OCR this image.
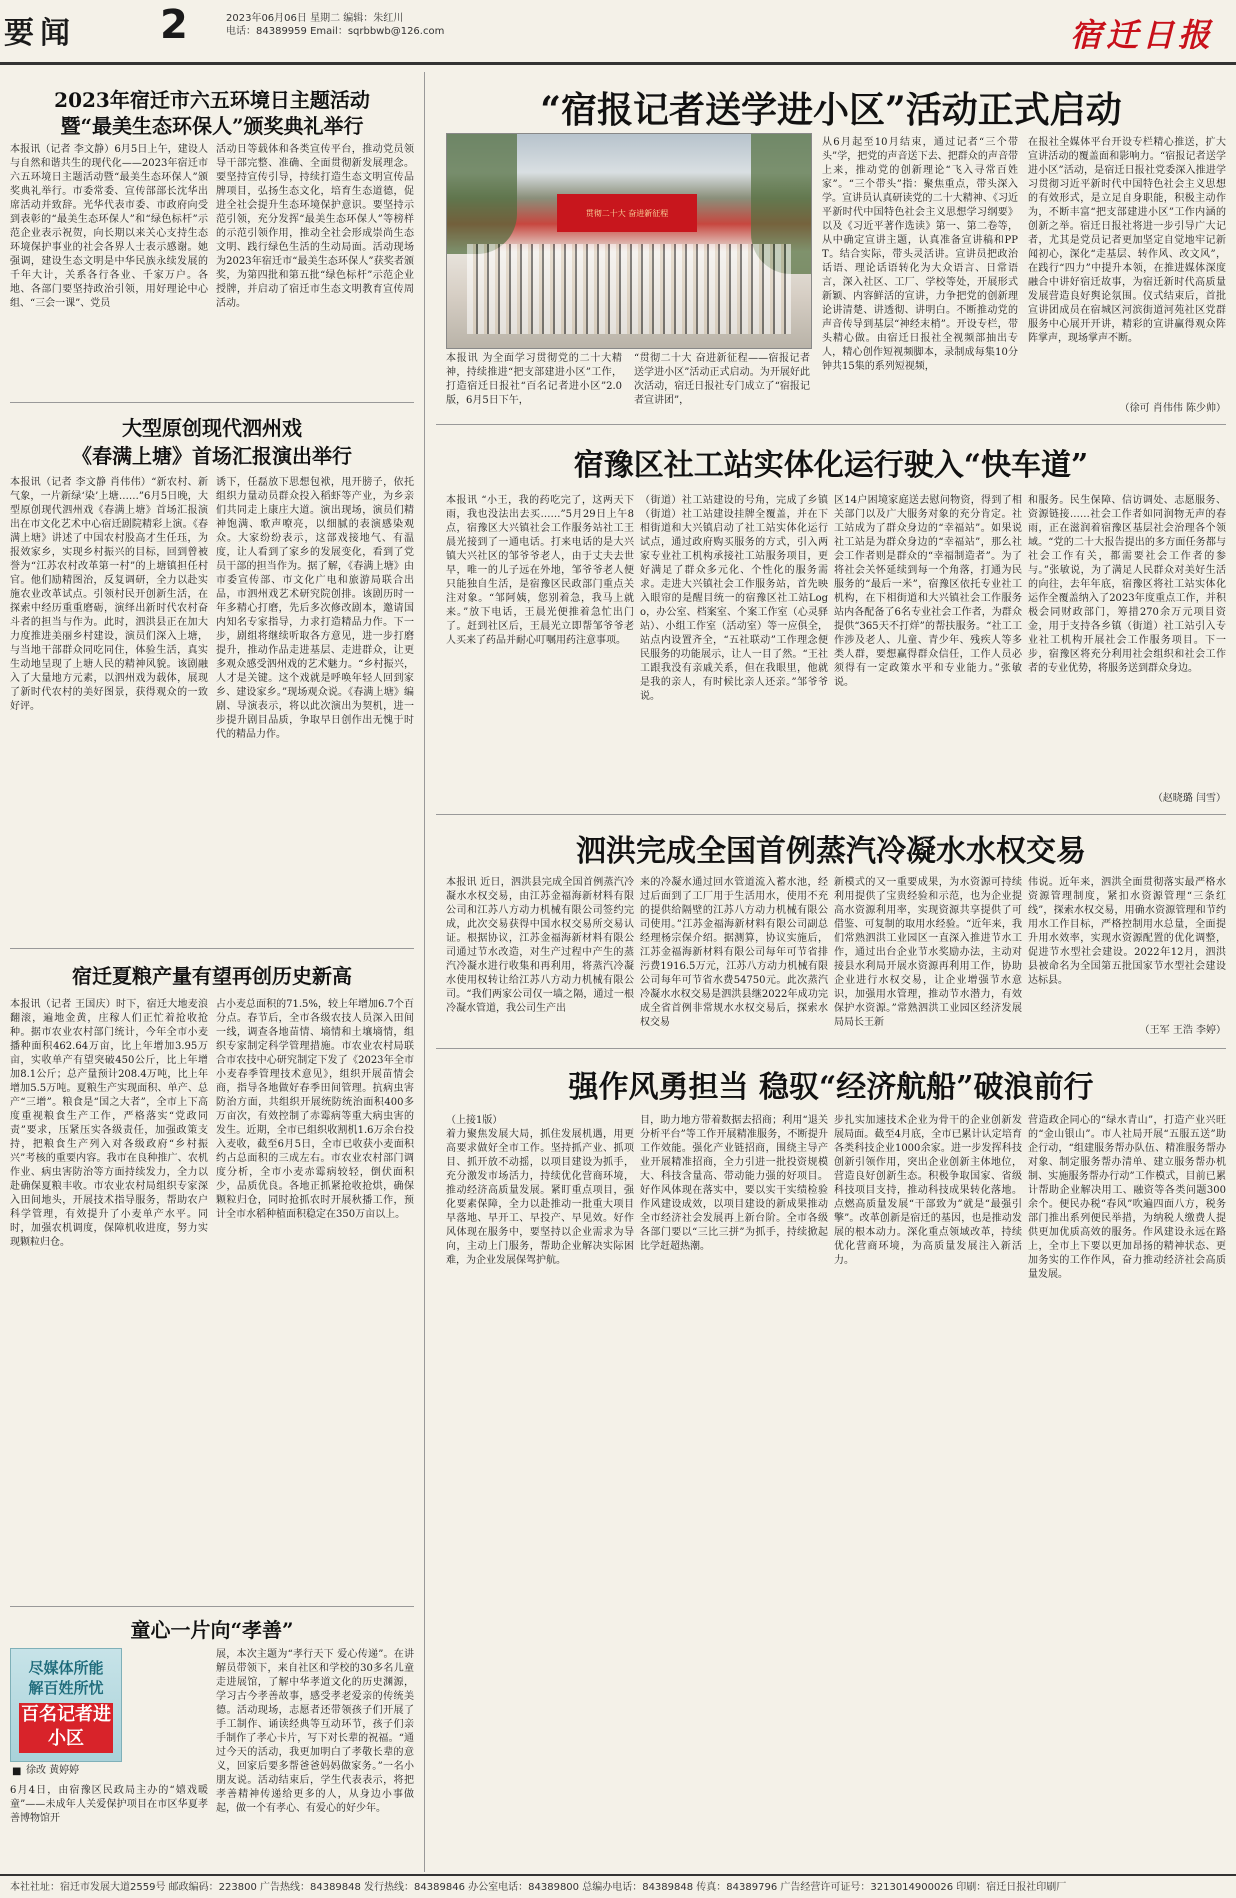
要闻 2	2023年06月06日 星期二 编辑：朱红川
电话：84389959 Email：sqrbbwb@126.com	宿迁日报
2023年宿迁市六五环境日主题活动
暨“最美生态环保人”颁奖典礼举行
本报讯（记者 李文静）6月5日上午，建设人与自然和谐共生的现代化——2023年宿迁市六五环境日主题活动暨“最美生态环保人”颁奖典礼举行。市委常委、宣传部部长沈华出席活动并致辞。光华代表市委、市政府向受到表彰的“最美生态环保人”和“绿色标杆”示范企业表示祝贺，向长期以来关心支持生态环境保护事业的社会各界人士表示感谢。她强调，建设生态文明是中华民族永续发展的千年大计，关系各行各业、千家万户。各地、各部门要坚持政治引领，用好理论中心组、“三会一课”、党员
活动日等载体和各类宣传平台，推动党员领导干部完整、准确、全面贯彻新发展理念。要坚持宣传引导，持续打造生态文明宣传品牌项目，弘扬生态文化，培育生态道德，促进全社会提升生态环境保护意识。要坚持示范引领，充分发挥“最美生态环保人”等榜样的示范引领作用，推动全社会形成崇尚生态文明、践行绿色生活的生动局面。活动现场为2023年宿迁市“最美生态环保人”获奖者颁奖，为第四批和第五批“绿色标杆”示范企业授牌，并启动了宿迁市生态文明教育宣传周活动。
大型原创现代泗州戏
《春满上塘》首场汇报演出举行
本报讯（记者 李文静 肖伟伟）“新农村、新气象，一片新绿‘染’上塘……”6月5日晚，大型原创现代泗州戏《春满上塘》首场汇报演出在市文化艺术中心宿迁剧院精彩上演。《春满上塘》讲述了中国农村股高才生任珏，为报效家乡，实现乡村振兴的目标，回到曾被誉为“江苏农村改革第一村”的上塘镇担任村官。他们励精图治，反复调研，全力以赴实施农业改革试点。引领村民开创新生活，在探索中经历重重磨砺，演绎出新时代农村奋斗者的担当与作为。此时，泗洪县正在加大力度推进美丽乡村建设，演员们深入上塘，与当地干部群众同吃同住，体验生活，真实生动地呈现了上塘人民的精神风貌。该剧融入了大量地方元素，以泗州戏为载体，展现了新时代农村的美好图景，获得观众的一致好评。
诱下，任磊放下思想包袱，甩开膀子，依托组织力量动员群众投入稻虾等产业，为乡亲们共同走上康庄大道。演出现场，演员们精神饱满、歌声嘹亮，以细腻的表演感染观众。大家纷纷表示，这部戏接地气、有温度，让人看到了家乡的发展变化，看到了党员干部的担当作为。据了解，《春满上塘》由市委宣传部、市文化广电和旅游局联合出品，市泗州戏艺术研究院创排。该剧历时一年多精心打磨，先后多次修改剧本，邀请国内知名专家指导，力求打造精品力作。下一步，剧组将继续听取各方意见，进一步打磨提升，推动作品走进基层、走进群众，让更多观众感受泗州戏的艺术魅力。“乡村振兴，人才是关键。这个戏就是呼唤年轻人回到家乡、建设家乡。”现场观众说。《春满上塘》编剧、导演表示，将以此次演出为契机，进一步提升剧目品质，争取早日创作出无愧于时代的精品力作。
宿迁夏粮产量有望再创历史新高
本报讯（记者 王国庆）时下，宿迁大地麦浪翻滚，遍地金黄，庄稼人们正忙着抢收抢种。据市农业农村部门统计，今年全市小麦播种面积462.64万亩，比上年增加3.95万亩，实收单产有望突破450公斤，比上年增加8.1公斤；总产量预计208.4万吨，比上年增加5.5万吨。夏粮生产实现面积、单产、总产“三增”。粮食是“国之大者”，全市上下高度重视粮食生产工作，严格落实“党政同责”要求，压紧压实各级责任，加强政策支持，把粮食生产列入对各级政府“乡村振兴”考核的重要内容。我市在良种推广、农机作业、病虫害防治等方面持续发力，全力以赴确保夏粮丰收。市农业农村局组织专家深入田间地头，开展技术指导服务，帮助农户科学管理，有效提升了小麦单产水平。同时，加强农机调度，保障机收进度，努力实现颗粒归仓。
占小麦总面积的71.5%，较上年增加6.7个百分点。春节后，全市各级农技人员深入田间一线，调查各地苗情、墒情和土壤墒情，组织专家制定科学管理措施。市农业农村局联合市农技中心研究制定下发了《2023年全市小麦春季管理技术意见》，组织开展苗情会商，指导各地做好春季田间管理。抗病虫害防治方面，共组织开展统防统治面积400多万亩次，有效控制了赤霉病等重大病虫害的发生。近期，全市已组织收割机1.6万余台投入麦收，截至6月5日，全市已收获小麦面积约占总面积的三成左右。市农业农村部门调度分析，全市小麦赤霉病较轻，倒伏面积少，品质优良。各地正抓紧抢收抢烘，确保颗粒归仓，同时抢抓农时开展秋播工作，预计全市水稻种植面积稳定在350万亩以上。
童心一片向“孝善”
尽媒体所能
解百姓所忧
百名记者进小区
■ 徐改 黄婷婷
6月4日，由宿豫区民政局主办的“嬉戏暖童”——未成年人关爱保护项目在市区华夏孝善博物馆开
展，本次主题为“孝行天下 爱心传递”。在讲解员带领下，来自社区和学校的30多名儿童走进展馆，了解中华孝道文化的历史渊源，学习古今孝善故事，感受孝老爱亲的传统美德。活动现场，志愿者还带领孩子们开展了手工制作、诵读经典等互动环节，孩子们亲手制作了孝心卡片，写下对长辈的祝福。“通过今天的活动，我更加明白了孝敬长辈的意义，回家后要多帮爸爸妈妈做家务。”一名小朋友说。活动结束后，学生代表表示，将把孝善精神传递给更多的人，从身边小事做起，做一个有孝心、有爱心的好少年。
“宿报记者送学进小区”活动正式启动
贯彻二十大 奋进新征程
本报讯 为全面学习贯彻党的二十大精神，持续推进“把支部建进小区”工作，打造宿迁日报社“百名记者进小区”2.0版，6月5日下午，
“贯彻二十大 奋进新征程——宿报记者送学进小区”活动正式启动。为开展好此次活动，宿迁日报社专门成立了“宿报记者宣讲团”，
从6月起至10月结束，通过记者“三个带头”学，把党的声音送下去、把群众的声音带上来，推动党的创新理论“飞入寻常百姓家”。“三个带头”指：聚焦重点，带头深入学。宣讲员认真研读党的二十大精神、《习近平新时代中国特色社会主义思想学习纲要》以及《习近平著作选读》第一、第二卷等，从中确定宣讲主题，认真准备宣讲稿和PPT。结合实际，带头灵活讲。宣讲员把政治话语、理论话语转化为大众语言、日常语言，深入社区、工厂、学校等处，开展形式新颖、内容鲜活的宣讲，力争把党的创新理论讲清楚、讲透彻、讲明白。不断推动党的声音传导到基层“神经末梢”。开设专栏，带头精心做。由宿迁日报社全视频部抽出专人，精心创作短视频脚本，录制成每集10分钟共15集的系列短视频，
在报社全媒体平台开设专栏精心推送，扩大宣讲活动的覆盖面和影响力。“宿报记者送学进小区”活动，是宿迁日报社党委深入推进学习贯彻习近平新时代中国特色社会主义思想的有效形式，是立足自身职能，积极主动作为，不断丰富“把支部建进小区”工作内涵的创新之举。宿迁日报社将进一步引导广大记者，尤其是党员记者更加坚定自觉地牢记新闻初心，深化“走基层、转作风、改文风”，在践行“四力”中提升本领，在推进媒体深度融合中讲好宿迁故事，为宿迁新时代高质量发展营造良好舆论氛围。仪式结束后，首批宣讲团成员在宿城区河滨街道河苑社区党群服务中心展开开讲，精彩的宣讲赢得观众阵阵掌声，现场掌声不断。
（徐可 肖伟伟 陈少帅）
宿豫区社工站实体化运行驶入“快车道”
本报讯 “小王，我的药吃完了，这两天下雨，我也没法出去买……”5月29日上午8点，宿豫区大兴镇社会工作服务站社工王晨光接到了一通电话。打来电话的是大兴镇大兴社区的邹爷爷老人，由于丈夫去世早，唯一的儿子远在外地，邹爷爷老人便只能独自生活，是宿豫区民政部门重点关注对象。“邹阿姨，您别着急，我马上就来。”放下电话，王晨光便推着急忙出门了。赶到社区后，王晨光立即帮邹爷爷老人买来了药品并耐心叮嘱用药注意事项。
（街道）社工站建设的号角，完成了乡镇（街道）社工站建设挂牌全覆盖，并在下相街道和大兴镇启动了社工站实体化运行试点，通过政府购买服务的方式，引入两家专业社工机构承接社工站服务项目，更好满足了群众多元化、个性化的服务需求。走进大兴镇社会工作服务站，首先映入眼帘的是醒目统一的宿豫区社工站Logo，办公室、档案室、个案工作室（心灵驿站）、小组工作室（活动室）等一应俱全，站点内设置齐全，“五社联动”工作理念便民服务的功能展示，让人一目了然。“王社工跟我没有亲戚关系，但在我眼里，他就是我的亲人，有时候比亲人还亲。”邹爷爷说。
区14户困境家庭送去慰问物资，得到了相关部门以及广大服务对象的充分肯定。社工站成为了群众身边的“幸福站”。如果说社工站是为群众身边的“幸福站”，那么社会工作者则是群众的“幸福制造者”。为了将社会关怀延续到每一个角落，打通为民服务的“最后一米”，宿豫区依托专业社工机构，在下相街道和大兴镇社会工作服务站内各配备了6名专业社会工作者，为群众提供“365天不打烊”的帮扶服务。“社工工作涉及老人、儿童、青少年、残疾人等多类人群，要想赢得群众信任，工作人员必须得有一定政策水平和专业能力。”张敏说。
和服务。民生保障、信访调处、志愿服务、资源链接……社会工作者如同润物无声的春雨，正在滋润着宿豫区基层社会治理各个领域。“党的二十大报告提出的多方面任务都与社会工作有关，都需要社会工作者的参与。”张敏说，为了满足人民群众对美好生活的向往，去年年底，宿豫区将社工站实体化运作全覆盖纳入了2023年度重点工作，并积极会同财政部门，筹措270余万元项目资金，用于支持各乡镇（街道）社工站引入专业社工机构开展社会工作服务项目。下一步，宿豫区将充分利用社会组织和社会工作者的专业优势，将服务送到群众身边。
（赵晓璐 闫雪）
泗洪完成全国首例蒸汽冷凝水水权交易
本报讯 近日，泗洪县完成全国首例蒸汽冷凝水水权交易，由江苏金福海新材料有限公司和江苏八方动力机械有限公司签约完成，此次交易获得中国水权交易所交易认证。根据协议，江苏金福海新材料有限公司通过节水改造，对生产过程中产生的蒸汽冷凝水进行收集和再利用，将蒸汽冷凝水使用权转让给江苏八方动力机械有限公司。“我们两家公司仅一墙之隔，通过一根冷凝水管道，我公司生产出
来的冷凝水通过回水管道流入蓄水池，经过后面到了工厂用于生活用水，使用不充的提供给隔壁的江苏八方动力机械有限公司使用。”江苏金福海新材料有限公司副总经理杨宗保介绍。据测算，协议实施后，江苏金福海新材料有限公司每年可节省排污费1916.5万元，江苏八方动力机械有限公司每年可节省水费54750元。此次蒸汽冷凝水水权交易是泗洪县继2022年成功完成全省首例非常规水水权交易后，探索水权交易
新模式的又一重要成果，为水资源可持续利用提供了宝贵经验和示范，也为企业提高水资源利用率，实现资源共享提供了可借鉴、可复制的取用水经验。“近年来，我们常熟泗洪工业园区一直深入推进节水工作，通过出台企业节水奖励办法，主动对接县水利局开展水资源再利用工作，协助企业进行水权交易，让企业增强节水意识，加强用水管理，推动节水潜力，有效保护水资源。”常熟泗洪工业园区经济发展局局长王新
伟说。近年来，泗洪全面贯彻落实最严格水资源管理制度，紧扣水资源管理“三条红线”，探索水权交易，用确水资源管理和节约用水工作目标，严格控制用水总量，全面提升用水效率，实现水资源配置的优化调整，促进节水型社会建设。2022年12月，泗洪县被命名为全国第五批国家节水型社会建设达标县。
（王军 王浩 李婷）
强作风勇担当 稳驭“经济航船”破浪前行
（上接1版）
着力聚焦发展大局，抓住发展机遇，用更高要求做好全市工作。坚持抓产业、抓项目、抓开放不动摇，以项目建设为抓手，充分激发市场活力，持续优化营商环境，推动经济高质量发展。紧盯重点项目，强化要素保障，全力以赴推动一批重大项目早落地、早开工、早投产、早见效。好作风体现在服务中，要坚持以企业需求为导向，主动上门服务，帮助企业解决实际困难，为企业发展保驾护航。
目，助力地方带着数据去招商；利用“退关分析平台”等工作开展精准服务，不断提升工作效能。强化产业链招商，围绕主导产业开展精准招商，全力引进一批投资规模大、科技含量高、带动能力强的好项目。好作风体现在落实中，要以实干实绩检验作风建设成效，以项目建设的新成果推动全市经济社会发展再上新台阶。全市各级各部门要以“三比三拼”为抓手，持续掀起比学赶超热潮。
步扎实加速技术企业为骨干的企业创新发展局面。截至4月底，全市已累计认定培育各类科技企业1000余家。进一步发挥科技创新引领作用，突出企业创新主体地位，营造良好创新生态。积极争取国家、省级科技项目支持，推动科技成果转化落地。点燃高质量发展“干部致为”就是“最强引擎”。改革创新是宿迁的基因，也是推动发展的根本动力。深化重点领域改革，持续优化营商环境，为高质量发展注入新活力。
营造政企同心的“绿水青山”，打造产业兴旺的“金山银山”。市人社局开展“五服五送”助企行动，“组建服务帮办队伍、精准服务帮办对象、制定服务帮办清单、建立服务帮办机制、实施服务帮办行动”工作模式，目前已累计帮助企业解决用工、融资等各类问题300余个。便民办税“春风”吹遍四面八方，税务部门推出系列便民举措，为纳税人缴费人提供更加优质高效的服务。作风建设永远在路上，全市上下要以更加昂扬的精神状态、更加务实的工作作风，奋力推动经济社会高质量发展。
本社社址：宿迁市发展大道2559号 邮政编码：223800 广告热线：84389848 发行热线：84389846 办公室电话：84389800 总编办电话：84389848 传真：84389796 广告经营许可证号：3213014900026 印刷：宿迁日报社印刷厂
